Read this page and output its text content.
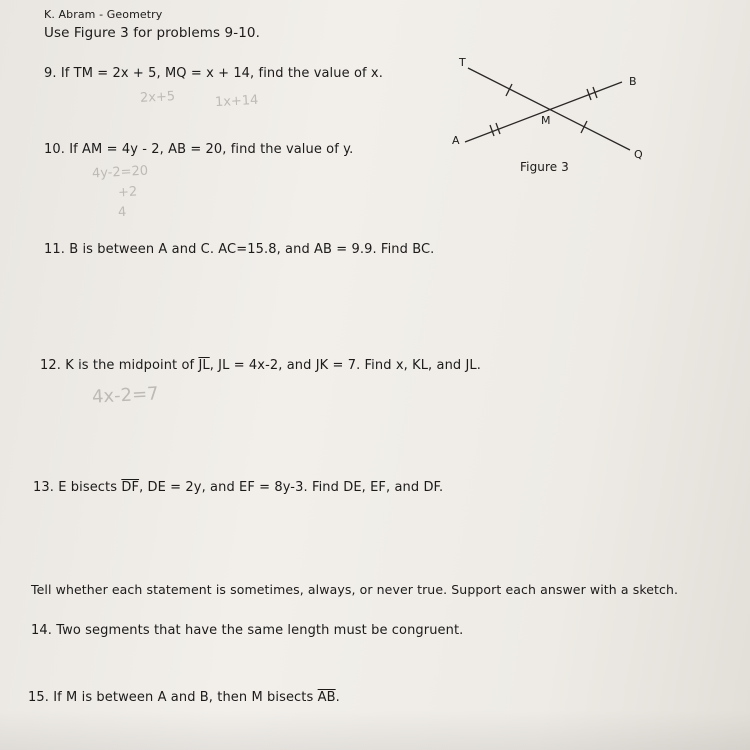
K. Abram - Geometry
Use Figure 3 for problems 9-10.
9. If TM = 2x + 5, MQ = x + 14, find the value of x.
2x+5	1x+14
10. If AM = 4y - 2, AB = 20, find the value of y.
4y-2=20
+2
4
T
B
M
A
Q
Figure 3
11. B is between A and C. AC=15.8, and AB = 9.9. Find BC.
12. K is the midpoint of $\overline{JL}$, JL = 4x-2, and JK = 7. Find x, KL, and JL.
4x-2=7
13. E bisects $\overline{DF}$, DE = 2y, and EF = 8y-3. Find DE, EF, and DF.
Tell whether each statement is sometimes, always, or never true. Support each answer with a sketch.
14. Two segments that have the same length must be congruent.
15. If M is between A and B, then M bisects $\overline{AB}$.
